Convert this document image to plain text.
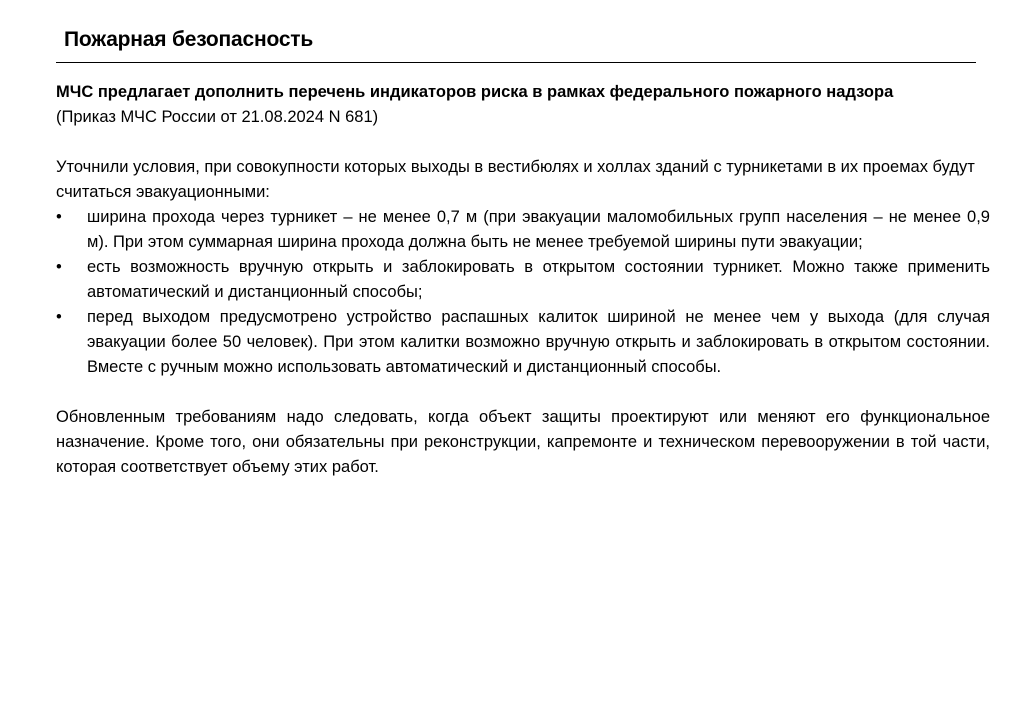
Пожарная безопасность

МЧС предлагает дополнить перечень индикаторов риска в рамках федерального пожарного надзора

(Приказ МЧС России от 21.08.2024 N 681)

Уточнили условия, при совокупности которых выходы в вестибюлях и холлах зданий с турникетами в их проемах будут считаться эвакуационными:

•	ширина прохода через турникет – не менее 0,7 м (при эвакуации маломобильных групп населения – не менее 0,9 м). При этом суммарная ширина прохода должна быть не менее требуемой ширины пути эвакуации;
•	есть возможность вручную открыть и заблокировать в открытом состоянии турникет. Можно также применить автоматический и дистанционный способы;
•	перед выходом предусмотрено устройство распашных калиток шириной не менее чем у выхода (для случая эвакуации более 50 человек). При этом калитки возможно вручную открыть и заблокировать в открытом состоянии. Вместе с ручным можно использовать автоматический и дистанционный способы.

Обновленным требованиям надо следовать, когда объект защиты проектируют или меняют его функциональное назначение. Кроме того, они обязательны при реконструкции, капремонте и техническом перевооружении в той части, которая соответствует объему этих работ.
